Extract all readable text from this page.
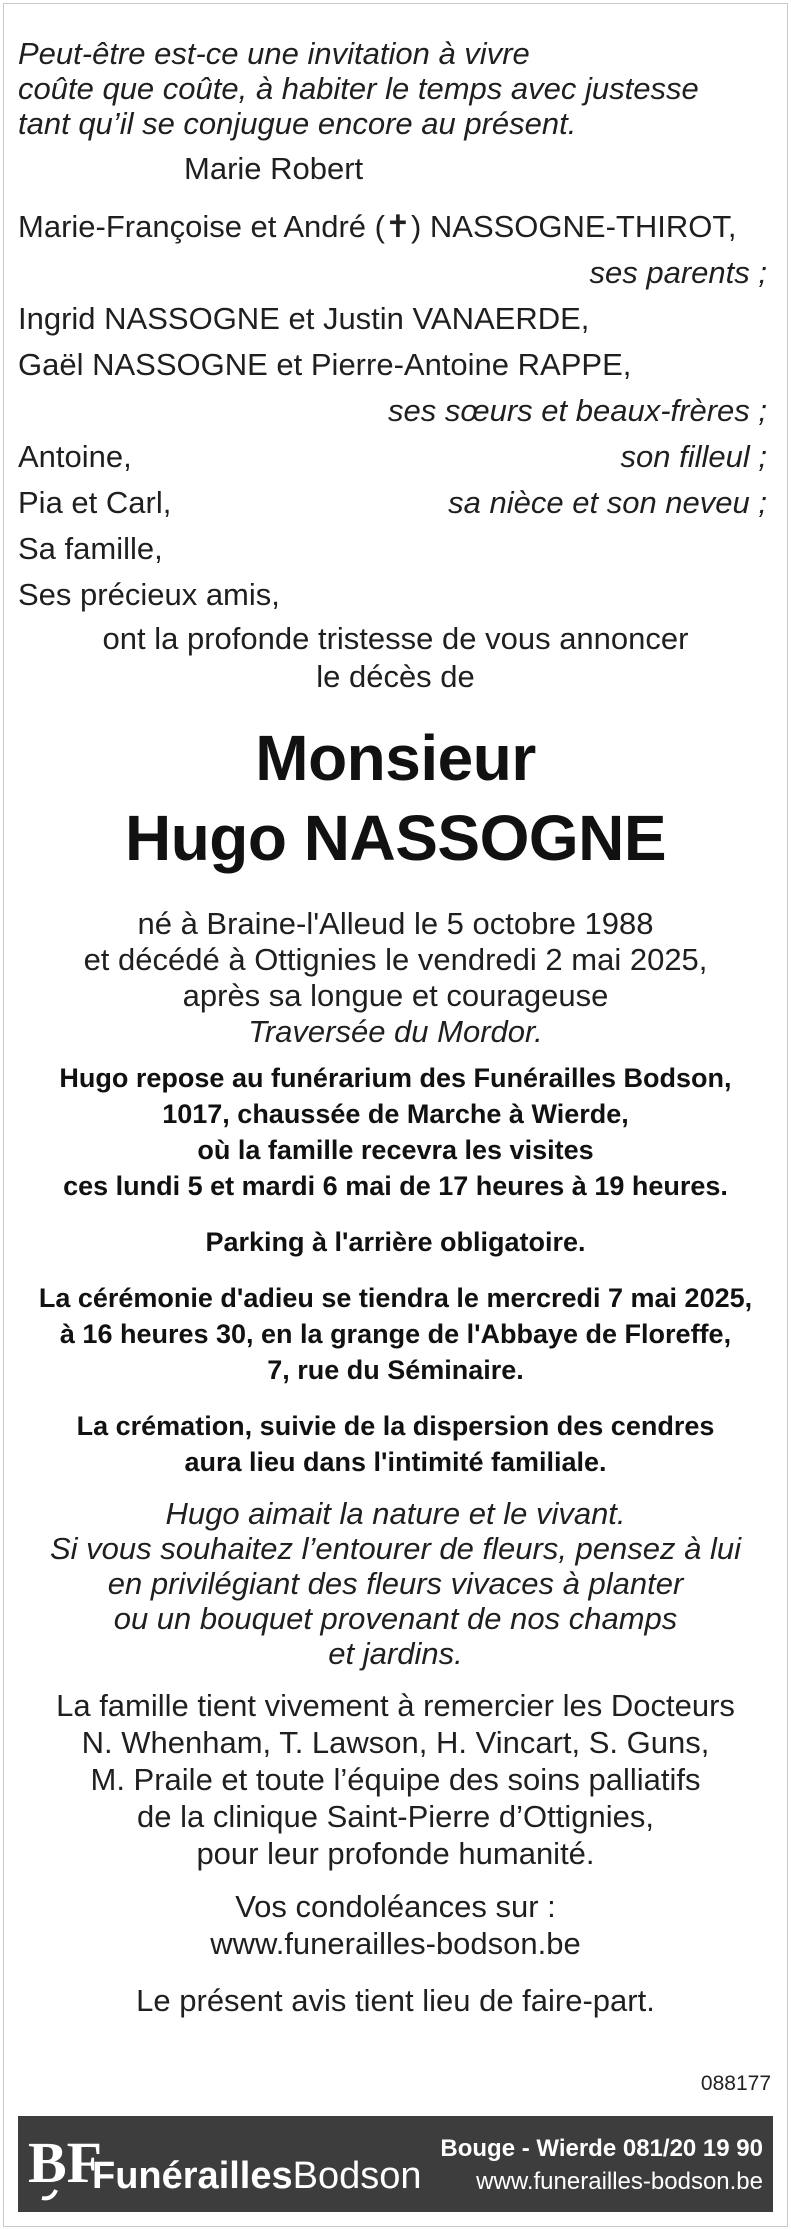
Peut-être est-ce une invitation à vivre
coûte que coûte, à habiter le temps avec justesse
tant qu’il se conjugue encore au présent.
Marie Robert
Marie-Françoise et André (✝) NASSOGNE-THIROT,
ses parents ;
Ingrid NASSOGNE et Justin VANAERDE,
Gaël NASSOGNE et Pierre-Antoine RAPPE,
ses sœurs et beaux-frères ;
Antoine,	son filleul ;
Pia et Carl,	sa nièce et son neveu ;
Sa famille,
Ses précieux amis,
ont la profonde tristesse de vous annoncer
le décès de
Monsieur
Hugo NASSOGNE
né à Braine-l'Alleud le 5 octobre 1988
et décédé à Ottignies le vendredi 2 mai 2025,
après sa longue et courageuse
Traversée du Mordor.
Hugo repose au funérarium des Funérailles Bodson,
1017, chaussée de Marche à Wierde,
où la famille recevra les visites
ces lundi 5 et mardi 6 mai de 17 heures à 19 heures.
Parking à l'arrière obligatoire.
La cérémonie d'adieu se tiendra le mercredi 7 mai 2025,
à 16 heures 30, en la grange de l'Abbaye de Floreffe,
7, rue du Séminaire.
La crémation, suivie de la dispersion des cendres
aura lieu dans l'intimité familiale.
Hugo aimait la nature et le vivant.
Si vous souhaitez l’entourer de fleurs, pensez à lui
en privilégiant des fleurs vivaces à planter
ou un bouquet provenant de nos champs
et jardins.
La famille tient vivement à remercier les Docteurs
N. Whenham, T. Lawson, H. Vincart, S. Guns,
M. Praile et toute l’équipe des soins palliatifs
de la clinique Saint-Pierre d’Ottignies,
pour leur profonde humanité.
Vos condoléances sur :
www.funerailles-bodson.be
Le présent avis tient lieu de faire-part.
088177
BF
FunéraillesBodson
Bouge - Wierde 081/20 19 90
www.funerailles-bodson.be
